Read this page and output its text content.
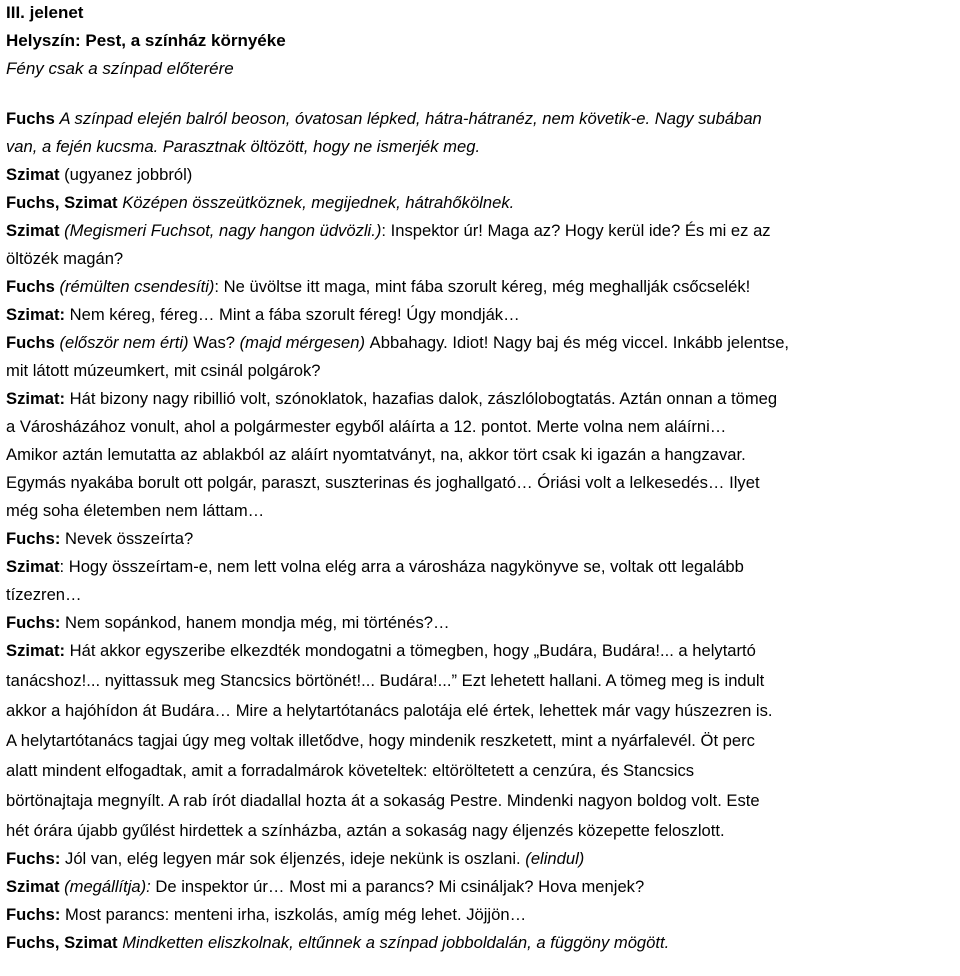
III. jelenet
Helyszín: Pest, a színház környéke
Fény csak a színpad előterére
Fuchs A színpad elején balról beoson, óvatosan lépked, hátra-hátranéz, nem követik-e. Nagy subában
van, a fején kucsma. Parasztnak öltözött, hogy ne ismerjék meg.
Szimat (ugyanez jobbról)
Fuchs, Szimat Középen összeütköznek, megijednek, hátrahőkölnek.
Szimat (Megismeri Fuchsot, nagy hangon üdvözli.): Inspektor úr! Maga az? Hogy kerül ide? És mi ez az
öltözék magán?
Fuchs (rémülten csendesíti): Ne üvöltse itt maga, mint fába szorult kéreg, még meghallják csőcselék!
Szimat: Nem kéreg, féreg… Mint a fába szorult féreg! Úgy mondják…
Fuchs (először nem érti) Was? (majd mérgesen) Abbahagy. Idiot! Nagy baj és még viccel. Inkább jelentse,
mit látott múzeumkert, mit csinál polgárok?
Szimat: Hát bizony nagy ribillió volt, szónoklatok, hazafias dalok, zászlólobogtatás. Aztán onnan a tömeg
a Városházához vonult, ahol a polgármester egyből aláírta a 12. pontot. Merte volna nem aláírni…
Amikor aztán lemutatta az ablakból az aláírt nyomtatványt, na, akkor tört csak ki igazán a hangzavar.
Egymás nyakába borult ott polgár, paraszt, suszterinas és joghallgató… Óriási volt a lelkesedés… Ilyet
még soha életemben nem láttam…
Fuchs: Nevek összeírta?
Szimat: Hogy összeírtam-e, nem lett volna elég arra a városháza nagykönyve se, voltak ott legalább
tízezren…
Fuchs: Nem sopánkod, hanem mondja még, mi történés?…
Szimat: Hát akkor egyszeribe elkezdték mondogatni a tömegben, hogy „Budára, Budára!... a helytartó
tanácshoz!... nyittassuk meg Stancsics börtönét!... Budára!...” Ezt lehetett hallani. A tömeg meg is indult
akkor a hajóhídon át Budára… Mire a helytartótanács palotája elé értek, lehettek már vagy húszezren is.
A helytartótanács tagjai úgy meg voltak illetődve, hogy mindenik reszketett, mint a nyárfalevél. Öt perc
alatt mindent elfogadtak, amit a forradalmárok követeltek: eltöröltetett a cenzúra, és Stancsics
börtönajtaja megnyílt. A rab írót diadallal hozta át a sokaság Pestre. Mindenki nagyon boldog volt. Este
hét órára újabb gyűlést hirdettek a színházba, aztán a sokaság nagy éljenzés közepette feloszlott.
Fuchs: Jól van, elég legyen már sok éljenzés, ideje nekünk is oszlani. (elindul)
Szimat (megállítja): De inspektor úr… Most mi a parancs? Mi csináljak? Hova menjek?
Fuchs: Most parancs: menteni irha, iszkolás, amíg még lehet. Jöjjön…
Fuchs, Szimat Mindketten eliszkolnak, eltűnnek a színpad jobboldalán, a függöny mögött.
